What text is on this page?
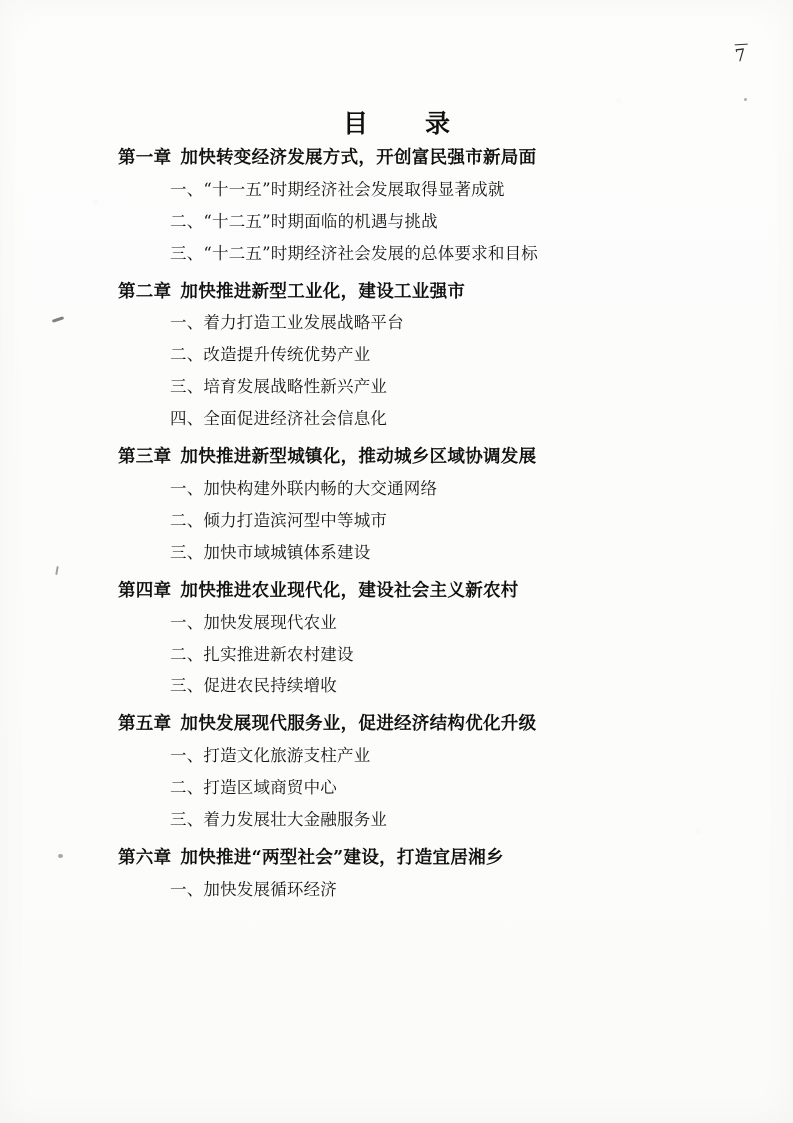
7
目　录
第一章 加快转变经济发展方式，开创富民强市新局面
一、“十一五”时期经济社会发展取得显著成就
二、“十二五”时期面临的机遇与挑战
三、“十二五”时期经济社会发展的总体要求和目标
第二章 加快推进新型工业化，建设工业强市
一、着力打造工业发展战略平台
二、改造提升传统优势产业
三、培育发展战略性新兴产业
四、全面促进经济社会信息化
第三章 加快推进新型城镇化，推动城乡区域协调发展
一、加快构建外联内畅的大交通网络
二、倾力打造滨河型中等城市
三、加快市域城镇体系建设
第四章 加快推进农业现代化，建设社会主义新农村
一、加快发展现代农业
二、扎实推进新农村建设
三、促进农民持续增收
第五章 加快发展现代服务业，促进经济结构优化升级
一、打造文化旅游支柱产业
二、打造区域商贸中心
三、着力发展壮大金融服务业
第六章 加快推进“两型社会”建设，打造宜居湘乡
一、加快发展循环经济
